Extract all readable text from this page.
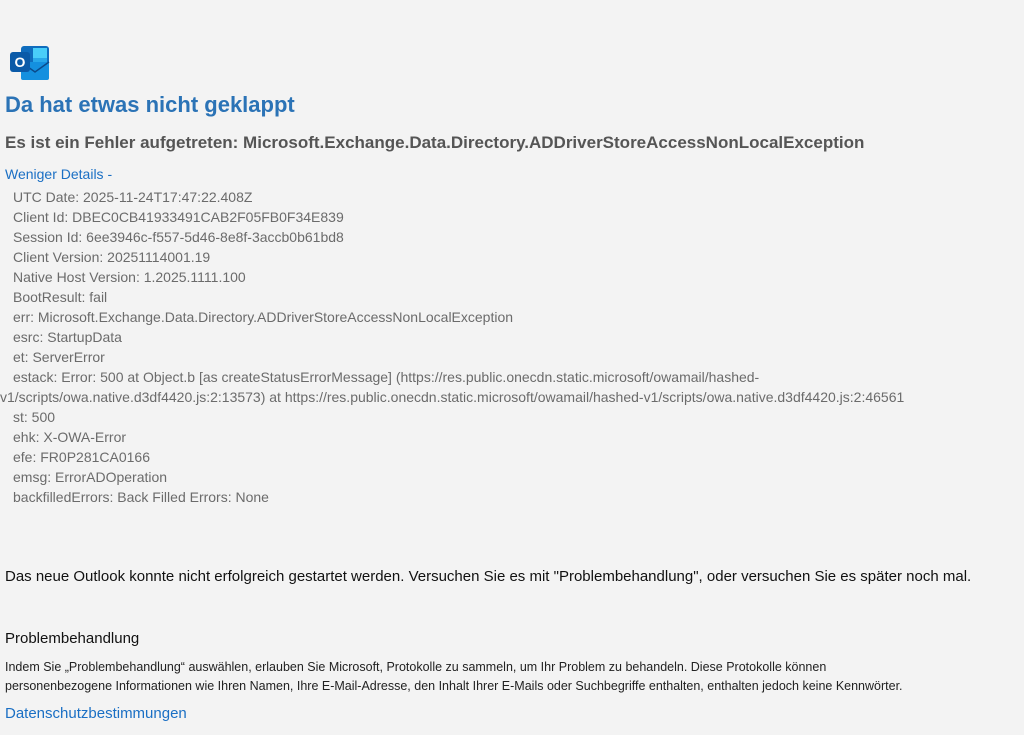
O
Da hat etwas nicht geklappt
Es ist ein Fehler aufgetreten: Microsoft.Exchange.Data.Directory.ADDriverStoreAccessNonLocalException
Weniger Details -
UTC Date: 2025-11-24T17:47:22.408Z
Client Id: DBEC0CB41933491CAB2F05FB0F34E839
Session Id: 6ee3946c-f557-5d46-8e8f-3accb0b61bd8
Client Version: 20251114001.19
Native Host Version: 1.2025.1111.100
BootResult: fail
err: Microsoft.Exchange.Data.Directory.ADDriverStoreAccessNonLocalException
esrc: StartupData
et: ServerError
estack: Error: 500 at Object.b [as createStatusErrorMessage] (https://res.public.onecdn.static.microsoft/owamail/hashed-
v1/scripts/owa.native.d3df4420.js:2:13573) at https://res.public.onecdn.static.microsoft/owamail/hashed-v1/scripts/owa.native.d3df4420.js:2:46561
st: 500
ehk: X-OWA-Error
efe: FR0P281CA0166
emsg: ErrorADOperation
backfilledErrors: Back Filled Errors: None
Das neue Outlook konnte nicht erfolgreich gestartet werden. Versuchen Sie es mit "Problembehandlung", oder versuchen Sie es später noch mal.
Problembehandlung
Indem Sie „Problembehandlung“ auswählen, erlauben Sie Microsoft, Protokolle zu sammeln, um Ihr Problem zu behandeln. Diese Protokolle können
personenbezogene Informationen wie Ihren Namen, Ihre E-Mail-Adresse, den Inhalt Ihrer E-Mails oder Suchbegriffe enthalten, enthalten jedoch keine Kennwörter.
Datenschutzbestimmungen
